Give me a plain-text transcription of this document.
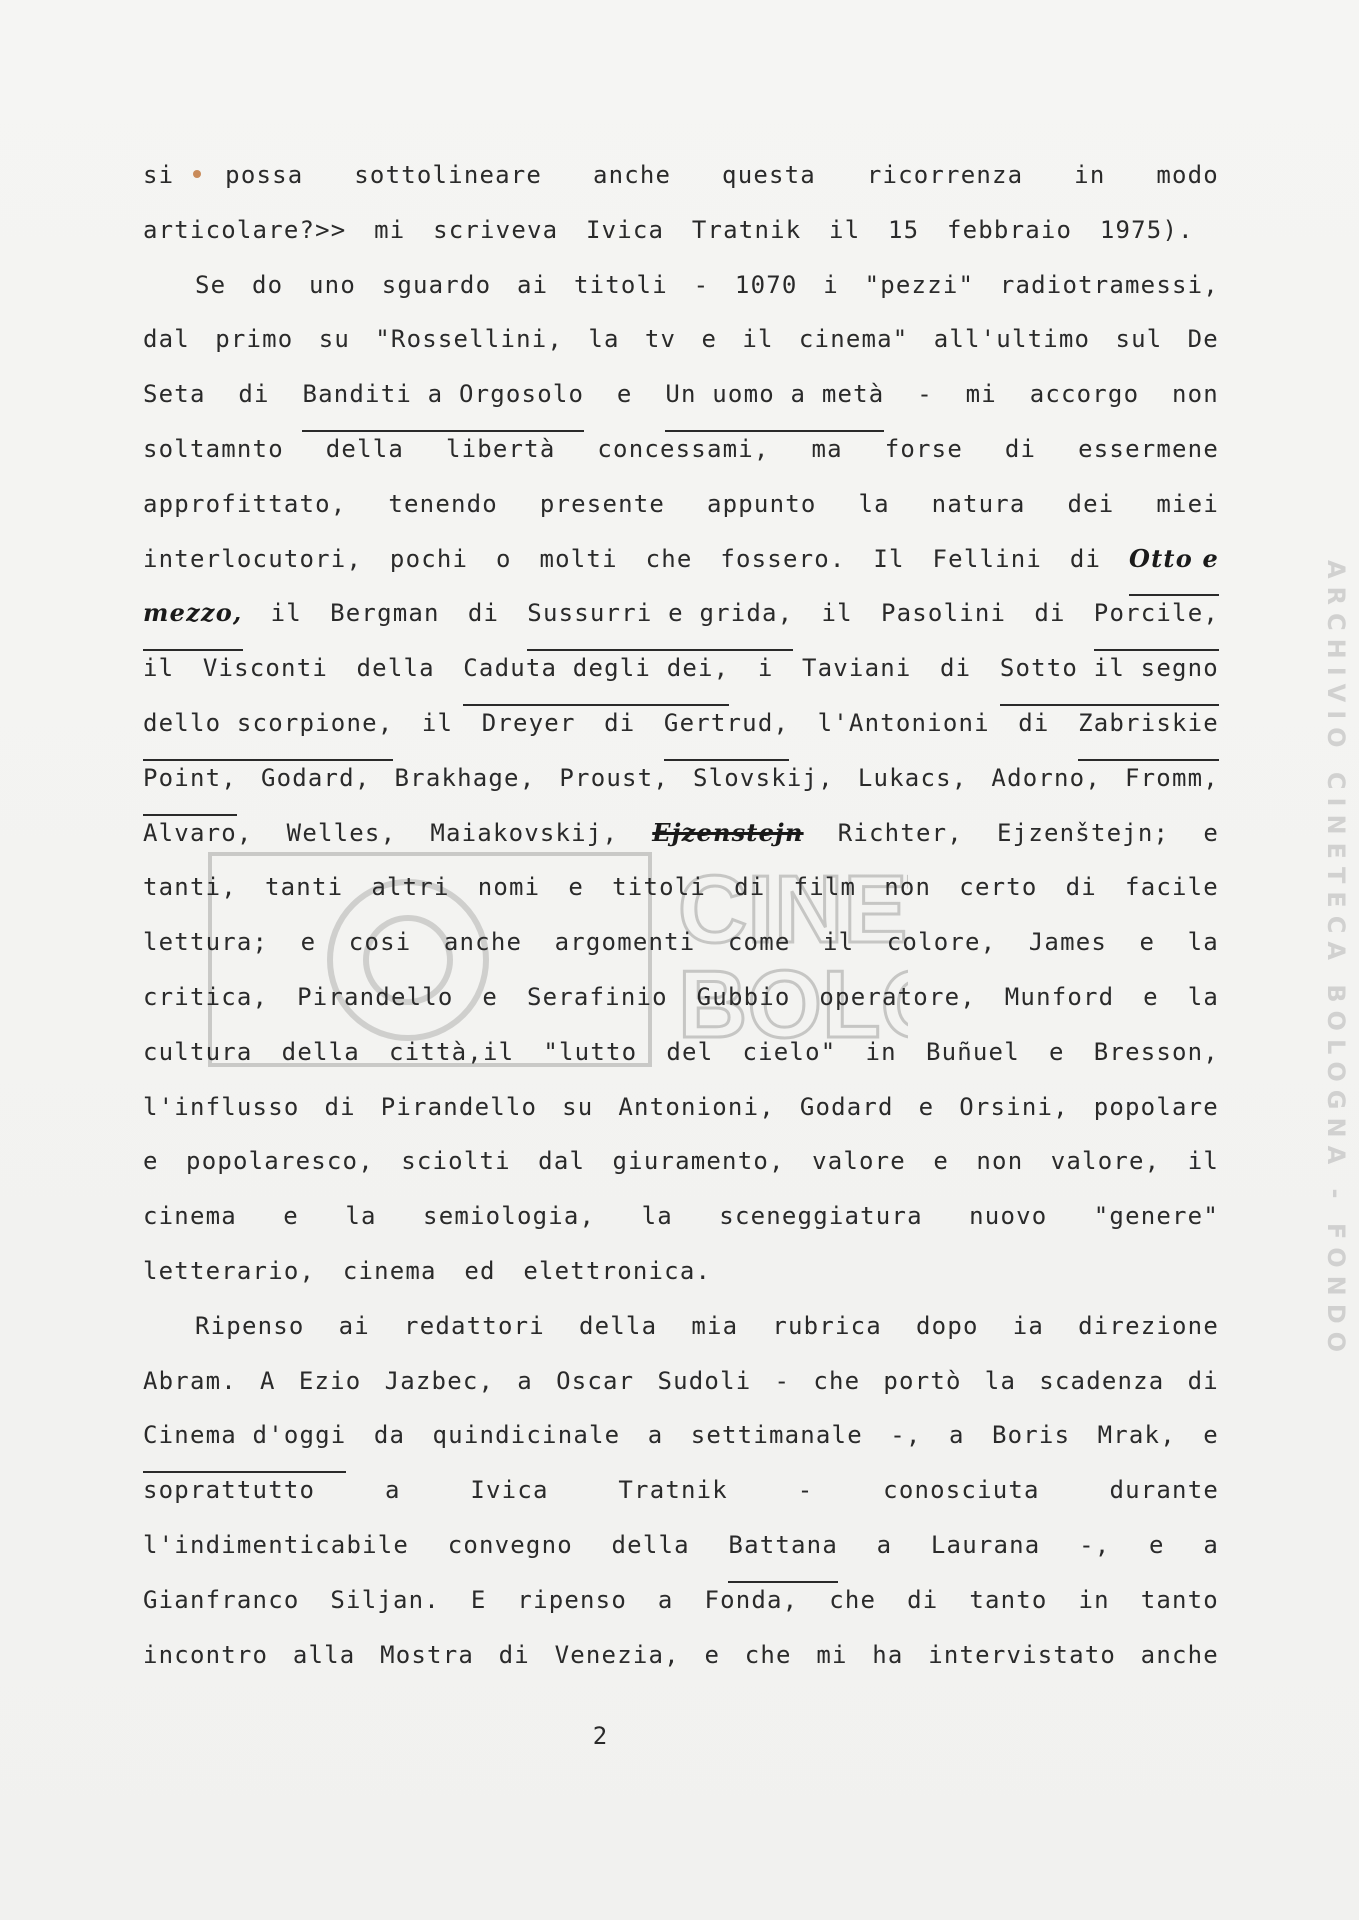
CINE
BOL	ARCHIVIO CINETECA BOLOGNA - FONDO
si possa sottolineare anche questa ricorrenza in modo
articolare?>> mi scriveva Ivica Tratnik il 15 febbraio 1975).
Se do uno sguardo ai titoli - 1070 i "pezzi" radiotramessi,
dal primo su "Rossellini, la tv e il cinema" all'ultimo sul De
Seta di Banditi a Orgosolo e Un uomo a metà - mi accorgo non
soltamnto della libertà concessami, ma forse di essermene
approfittato, tenendo presente appunto la natura dei miei
interlocutori, pochi o molti che fossero. Il Fellini di Otto e
mezzo, il Bergman di Sussurri e grida, il Pasolini di Porcile,
il Visconti della Caduta degli dei, i Taviani di Sotto il segno
dello scorpione, il Dreyer di Gertrud, l'Antonioni di Zabriskie
Point, Godard, Brakhage, Proust, Slovskij, Lukacs, Adorno, Fromm,
Alvaro, Welles, Maiakovskij, Ejzenstejn Richter, Ejzenštejn; e
tanti, tanti altri nomi e titoli di film non certo di facile
lettura; e cosi anche argomenti come il colore, James e la
critica, Pirandello e Serafinio Gubbio operatore, Munford e la
cultura della città,il "lutto del cielo" in Buñuel e Bresson,
l'influsso di Pirandello su Antonioni, Godard e Orsini, popolare
e popolaresco, sciolti dal giuramento, valore e non valore, il
cinema e la semiologia, la sceneggiatura nuovo "genere"
letterario, cinema ed elettronica.
Ripenso ai redattori della mia rubrica dopo ia direzione
Abram. A Ezio Jazbec, a Oscar Sudoli - che portò la scadenza di
Cinema d'oggi da quindicinale a settimanale -, a Boris Mrak, e
soprattutto	a	Ivica	Tratnik	-	conosciuta	durante
l'indimenticabile convegno della Battana a Laurana -, e a
Gianfranco Siljan. E ripenso a Fonda, che di tanto in tanto
incontro alla Mostra di Venezia, e che mi ha intervistato anche
2
